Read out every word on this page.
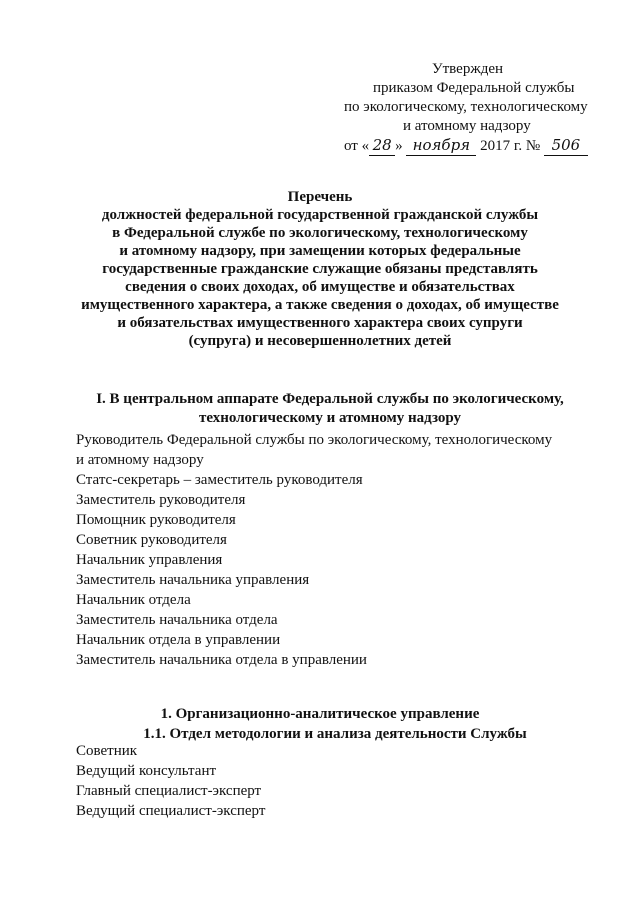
Утвержден
приказом Федеральной службы
по экологическому, технологическому
и атомному надзору
от « 28 » ноября 2017 г. № 506
Перечень
должностей федеральной государственной гражданской службы
в Федеральной службе по экологическому, технологическому
и атомному надзору, при замещении которых федеральные
государственные гражданские служащие обязаны представлять
сведения о своих доходах, об имуществе и обязательствах
имущественного характера, а также сведения о доходах, об имуществе
и обязательствах имущественного характера своих супруги
(супруга) и несовершеннолетних детей
I. В центральном аппарате Федеральной службы по экологическому,
технологическому и атомному надзору
Руководитель Федеральной службы по экологическому, технологическому
и атомному надзору
Статс-секретарь – заместитель руководителя
Заместитель руководителя
Помощник руководителя
Советник руководителя
Начальник управления
Заместитель начальника управления
Начальник отдела
Заместитель начальника отдела
Начальник отдела в управлении
Заместитель начальника отдела в управлении
1. Организационно-аналитическое управление
1.1. Отдел методологии и анализа деятельности Службы
Советник
Ведущий консультант
Главный специалист-эксперт
Ведущий специалист-эксперт
